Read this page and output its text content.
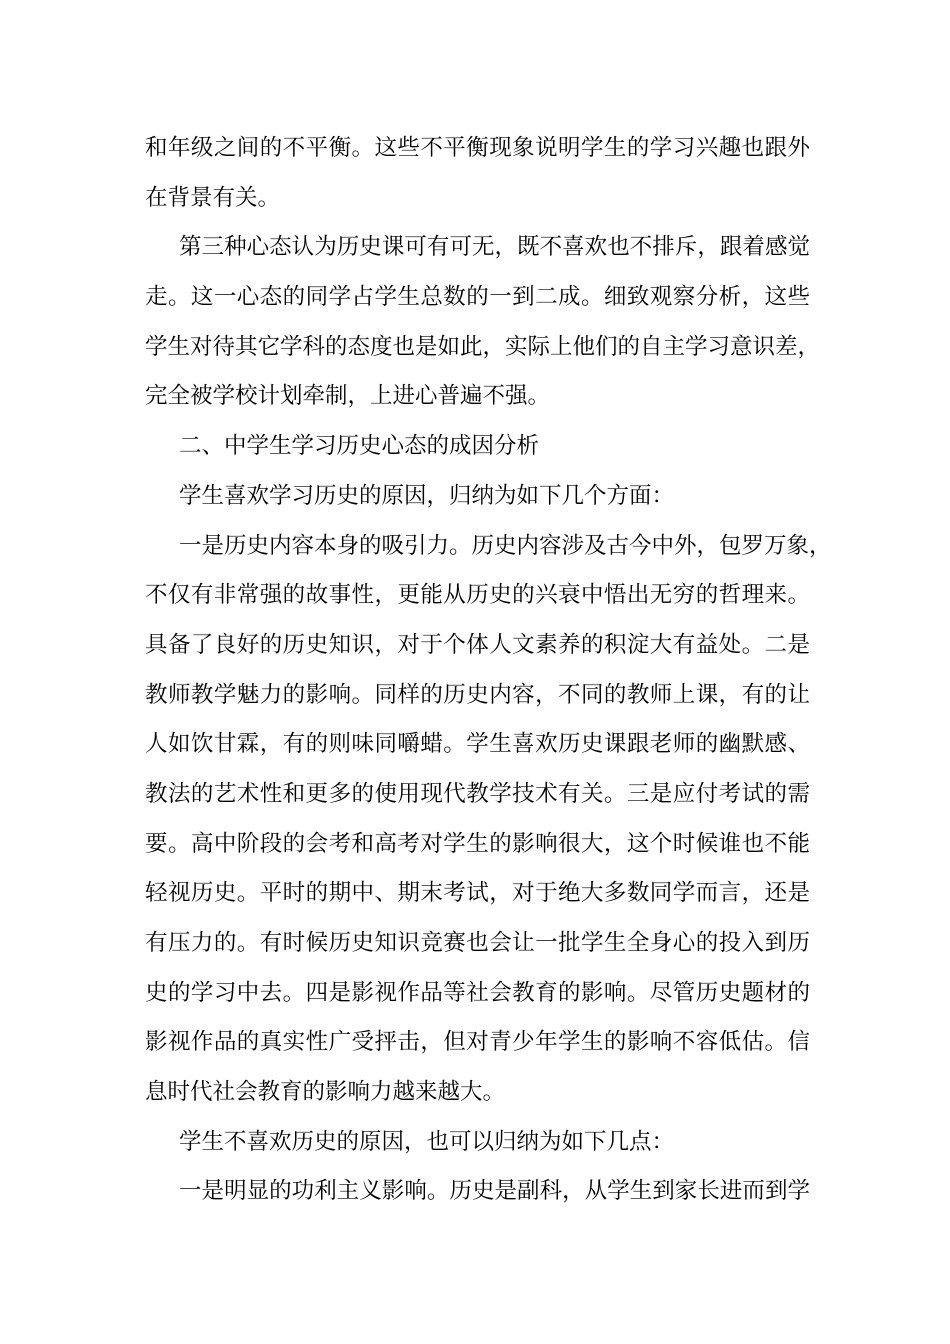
和年级之间的不平衡。这些不平衡现象说明学生的学习兴趣也跟外
在背景有关。
第三种心态认为历史课可有可无，既不喜欢也不排斥，跟着感觉
走。这一心态的同学占学生总数的一到二成。细致观察分析，这些
学生对待其它学科的态度也是如此，实际上他们的自主学习意识差，
完全被学校计划牵制，上进心普遍不强。
二、中学生学习历史心态的成因分析
学生喜欢学习历史的原因，归纳为如下几个方面：
一是历史内容本身的吸引力。历史内容涉及古今中外，包罗万象，
不仅有非常强的故事性，更能从历史的兴衰中悟出无穷的哲理来。
具备了良好的历史知识，对于个体人文素养的积淀大有益处。二是
教师教学魅力的影响。同样的历史内容，不同的教师上课，有的让
人如饮甘霖，有的则味同嚼蜡。学生喜欢历史课跟老师的幽默感、
教法的艺术性和更多的使用现代教学技术有关。三是应付考试的需
要。高中阶段的会考和高考对学生的影响很大，这个时候谁也不能
轻视历史。平时的期中、期末考试，对于绝大多数同学而言，还是
有压力的。有时候历史知识竞赛也会让一批学生全身心的投入到历
史的学习中去。四是影视作品等社会教育的影响。尽管历史题材的
影视作品的真实性广受抨击，但对青少年学生的影响不容低估。信
息时代社会教育的影响力越来越大。
学生不喜欢历史的原因，也可以归纳为如下几点：
一是明显的功利主义影响。历史是副科，从学生到家长进而到学
